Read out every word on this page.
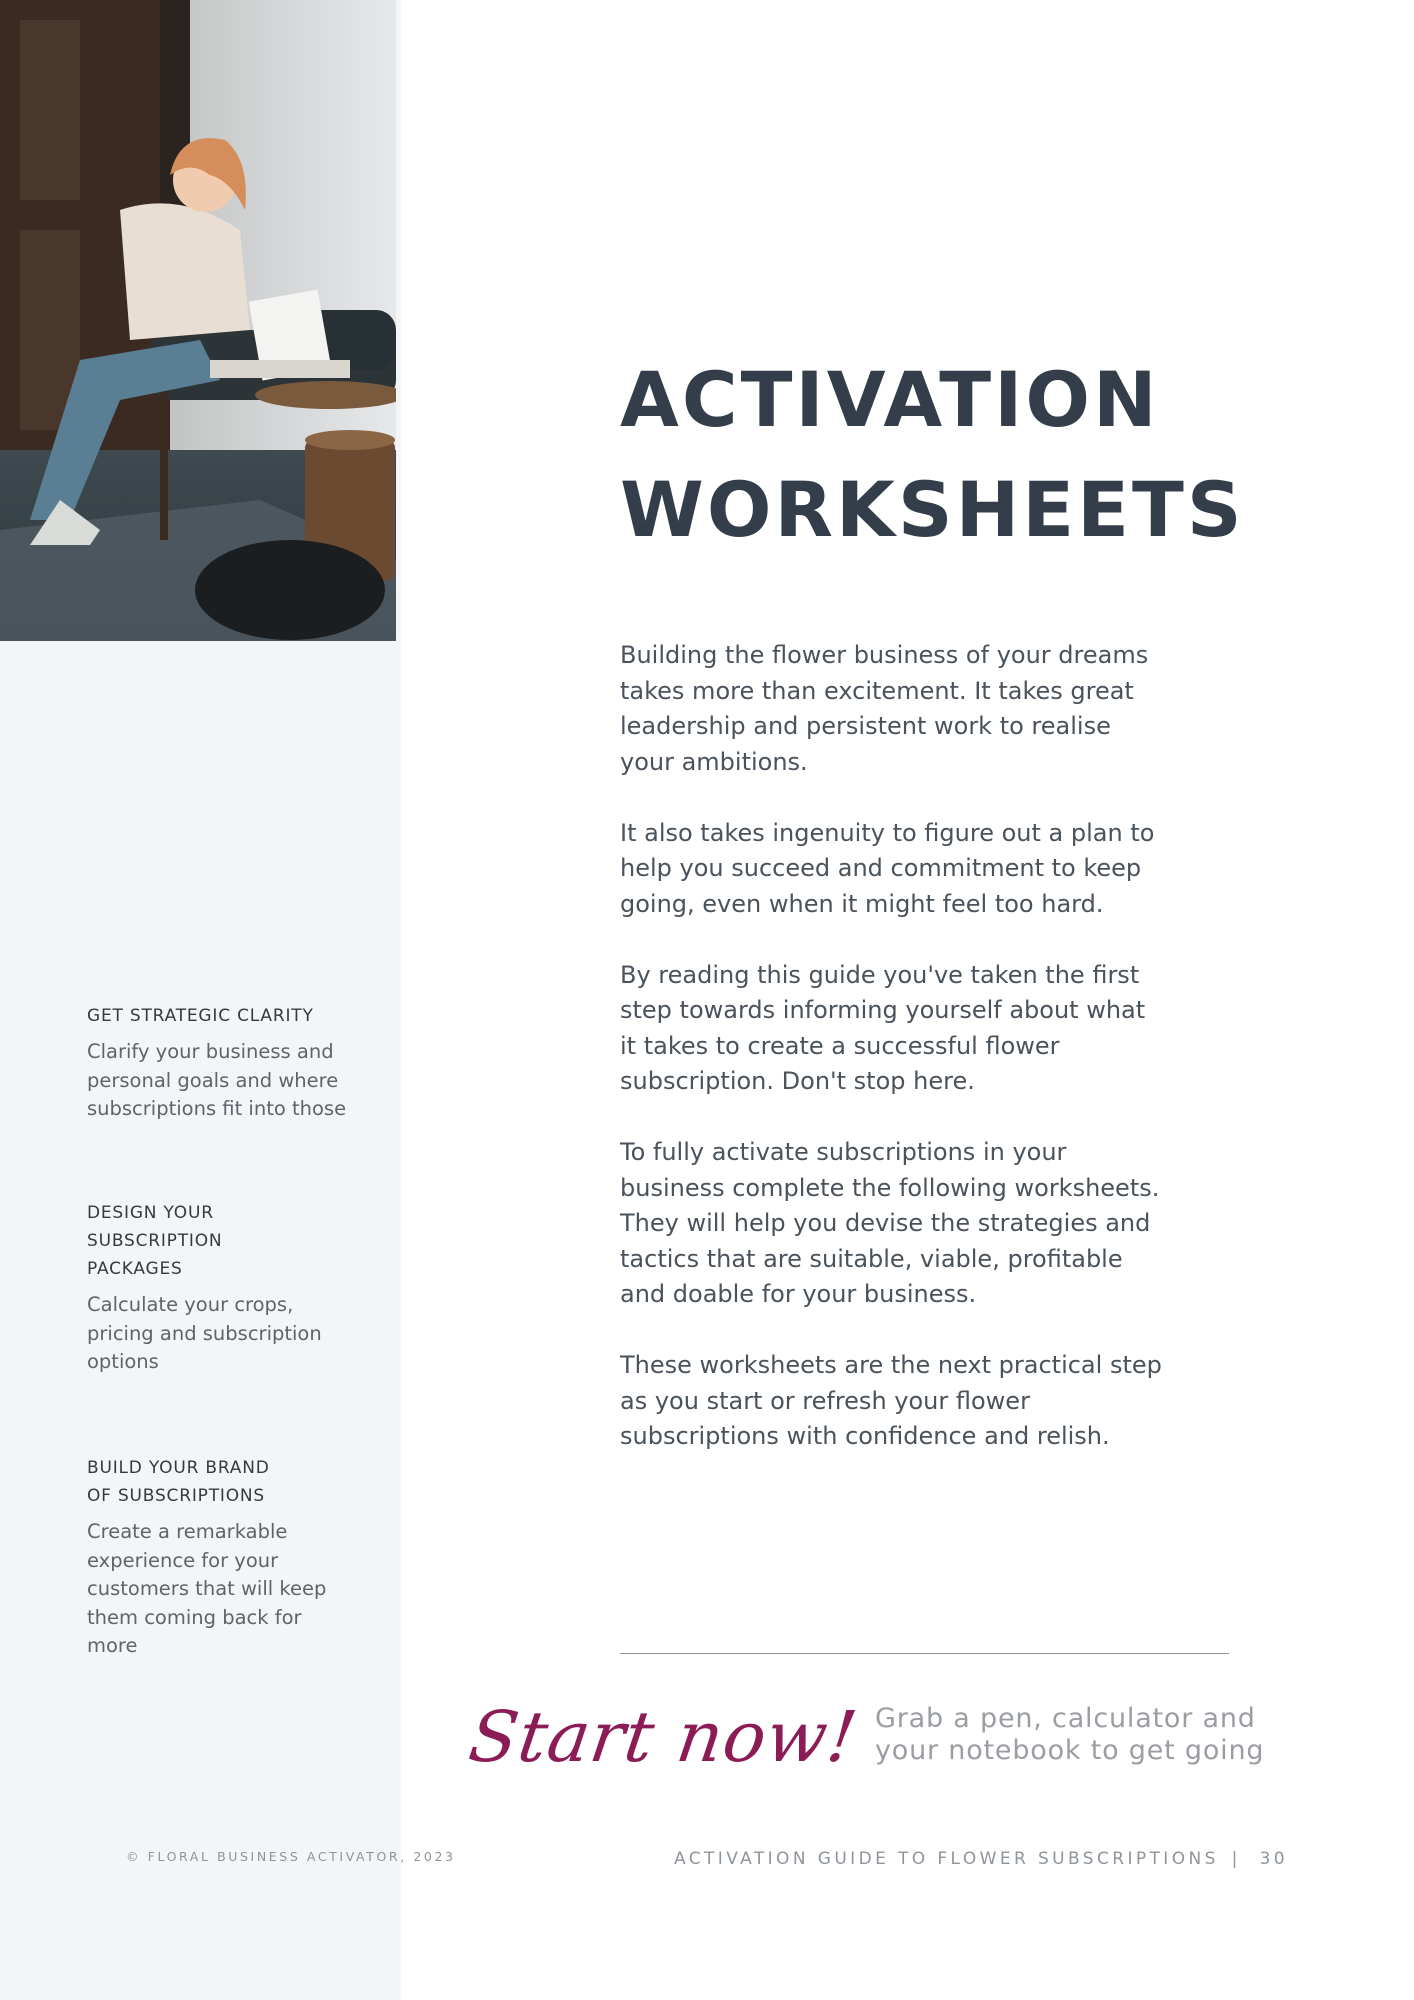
GET STRATEGIC CLARITY
Clarify your business and
personal goals and where
subscriptions fit into those
DESIGN YOUR
SUBSCRIPTION
PACKAGES
Calculate your crops,
pricing and subscription
options
BUILD YOUR BRAND
OF SUBSCRIPTIONS
Create a remarkable
experience for your
customers that will keep
them coming back for
more
ACTIVATION
WORKSHEETS

Building the flower business of your dreams
takes more than excitement. It takes great
leadership and persistent work to realise
your ambitions.

It also takes ingenuity to figure out a plan to
help you succeed and commitment to keep
going, even when it might feel too hard.

By reading this guide you've taken the first
step towards informing yourself about what
it takes to create a successful flower
subscription. Don't stop here.

To fully activate subscriptions in your
business complete the following worksheets.
They will help you devise the strategies and
tactics that are suitable, viable, profitable
and doable for your business.

These worksheets are the next practical step
as you start or refresh your flower
subscriptions with confidence and relish.

Start now! Grab a pen, calculator and
your notebook to get going
© FLORAL BUSINESS ACTIVATOR, 2023	ACTIVATION GUIDE TO FLOWER SUBSCRIPTIONS | 30
